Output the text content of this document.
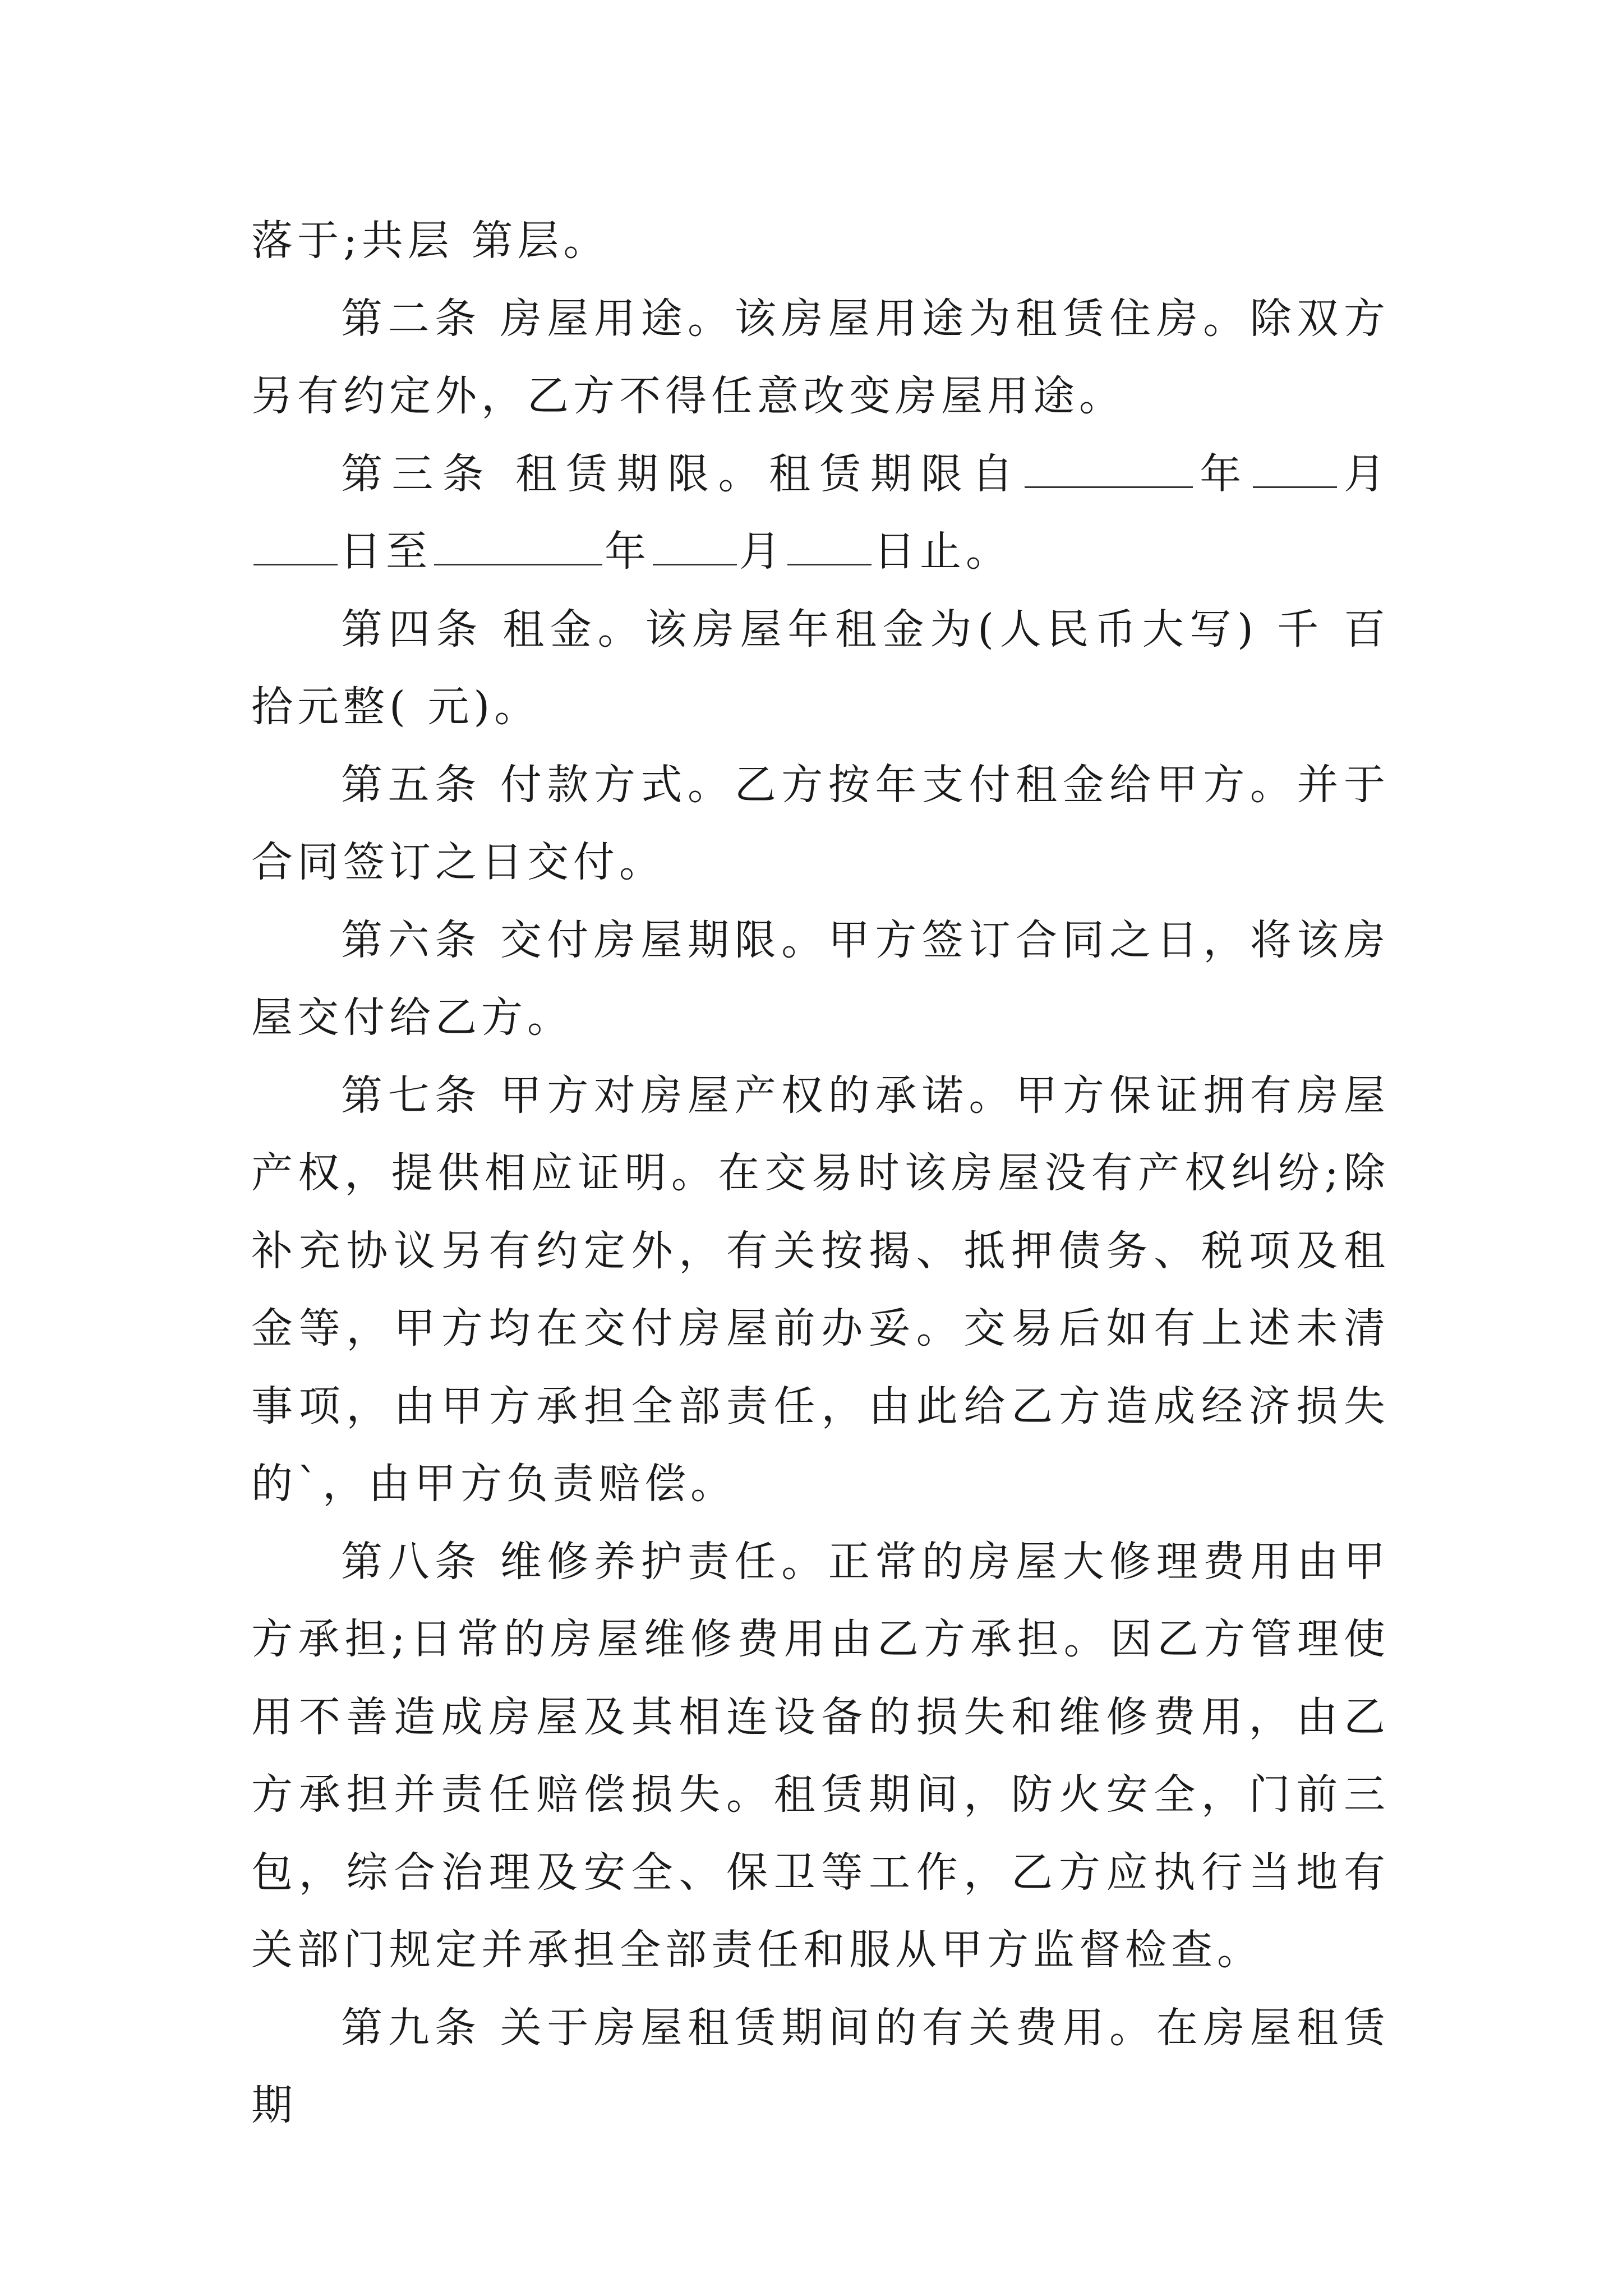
落于;共层 第层。

第二条 房屋用途。该房屋用途为租赁住房。除双方另有约定外，乙方不得任意改变房屋用途。

第三条 租赁期限。租赁期限自	年 月日至	年 月 日止。

第四条 租金。该房屋年租金为(人民币大写) 千 百 拾元整( 元)。

第五条 付款方式。乙方按年支付租金给甲方。并于合同签订之日交付。

第六条 交付房屋期限。甲方签订合同之日，将该房屋交付给乙方。

第七条 甲方对房屋产权的承诺。甲方保证拥有房屋产权，提供相应证明。在交易时该房屋没有产权纠纷;除补充协议另有约定外，有关按揭、抵押债务、税项及租金等，甲方均在交付房屋前办妥。交易后如有上述未清事项，由甲方承担全部责任，由此给乙方造成经济损失的`，由甲方负责赔偿。

第八条 维修养护责任。正常的房屋大修理费用由甲方承担;日常的房屋维修费用由乙方承担。因乙方管理使用不善造成房屋及其相连设备的损失和维修费用，由乙方承担并责任赔偿损失。租赁期间，防火安全，门前三包，综合治理及安全、保卫等工作，乙方应执行当地有关部门规定并承担全部责任和服从甲方监督检查。

第九条 关于房屋租赁期间的有关费用。在房屋租赁期
